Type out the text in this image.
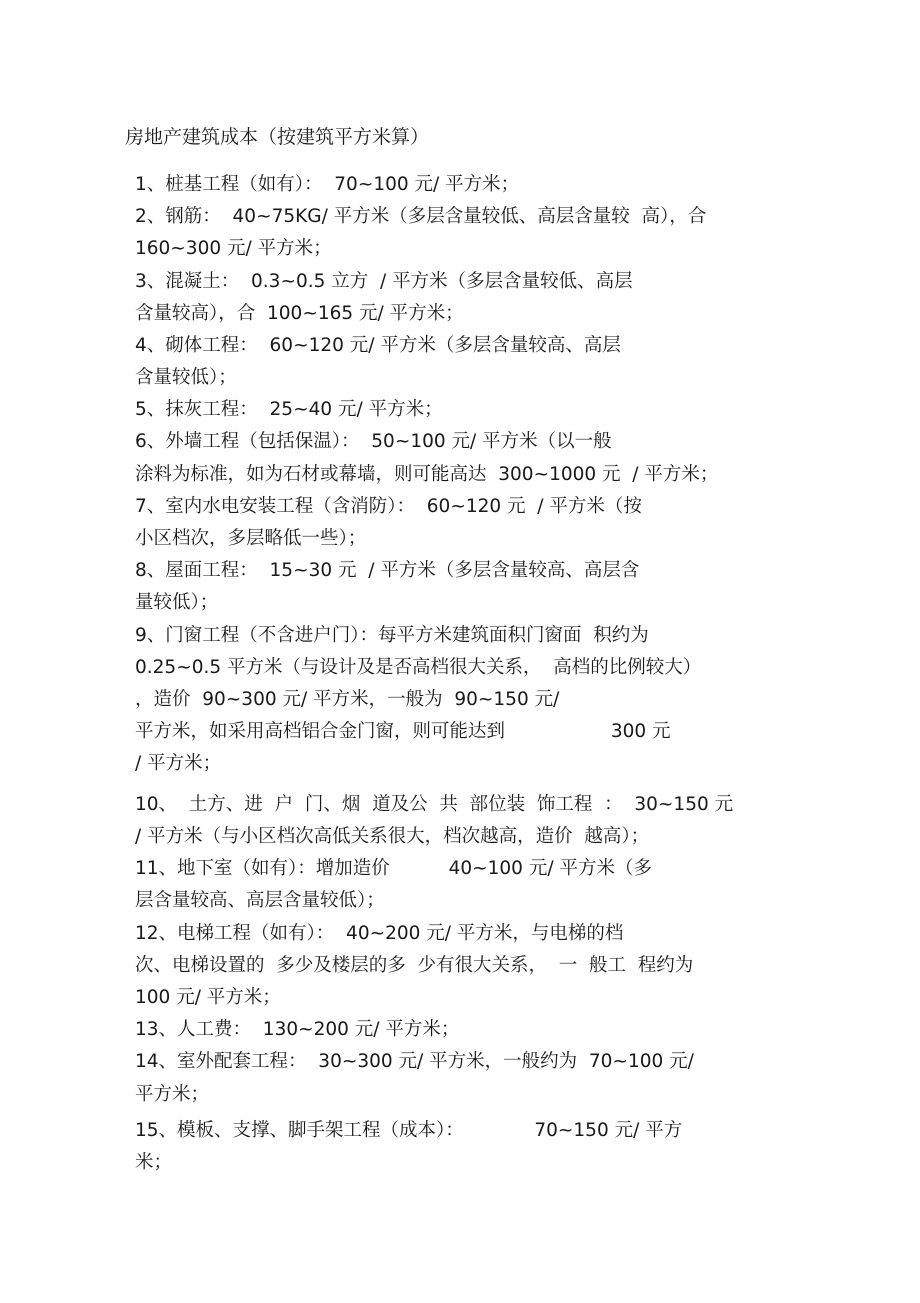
房地产建筑成本（按建筑平方米算）
1、桩基工程（如有）：  70~100 元/ 平方米；
2、钢筋：  40~75KG/ 平方米（多层含量较低、高层含量较  高），合
160~300 元/ 平方米；
3、混凝土：  0.3~0.5 立方  / 平方米（多层含量较低、高层
含量较高），合  100~165 元/ 平方米；
4、砌体工程：  60~120 元/ 平方米（多层含量较高、高层
含量较低）；
5、抹灰工程：  25~40 元/ 平方米；
6、外墙工程（包括保温）：  50~100 元/ 平方米（以一般
涂料为标准，如为石材或幕墙，则可能高达  300~1000 元  / 平方米；
7、室内水电安装工程（含消防）：  60~120 元  / 平方米（按
小区档次，多层略低一些）；
8、屋面工程：  15~30 元  / 平方米（多层含量较高、高层含
量较低）；
9、门窗工程（不含进户门）：每平方米建筑面积门窗面  积约为
0.25~0.5 平方米（与设计及是否高档很大关系，  高档的比例较大）
，造价  90~300 元/ 平方米，一般为  90~150 元/
平方米，如采用高档铝合金门窗，则可能达到                  300 元
/ 平方米；
10、  土方、进  户  门、烟  道及公  共  部位装  饰工程  ：  30~150 元
/ 平方米（与小区档次高低关系很大，档次越高，造价  越高）；
11、地下室（如有）：增加造价          40~100 元/ 平方米（多
层含量较高、高层含量较低）；
12、电梯工程（如有）：  40~200 元/ 平方米，与电梯的档
次、电梯设置的  多少及楼层的多  少有很大关系，  一  般工  程约为
100 元/ 平方米；
13、人工费：  130~200 元/ 平方米；
14、室外配套工程：  30~300 元/ 平方米，一般约为  70~100 元/
平方米；
15、模板、支撑、脚手架工程（成本）：            70~150 元/ 平方
米；
